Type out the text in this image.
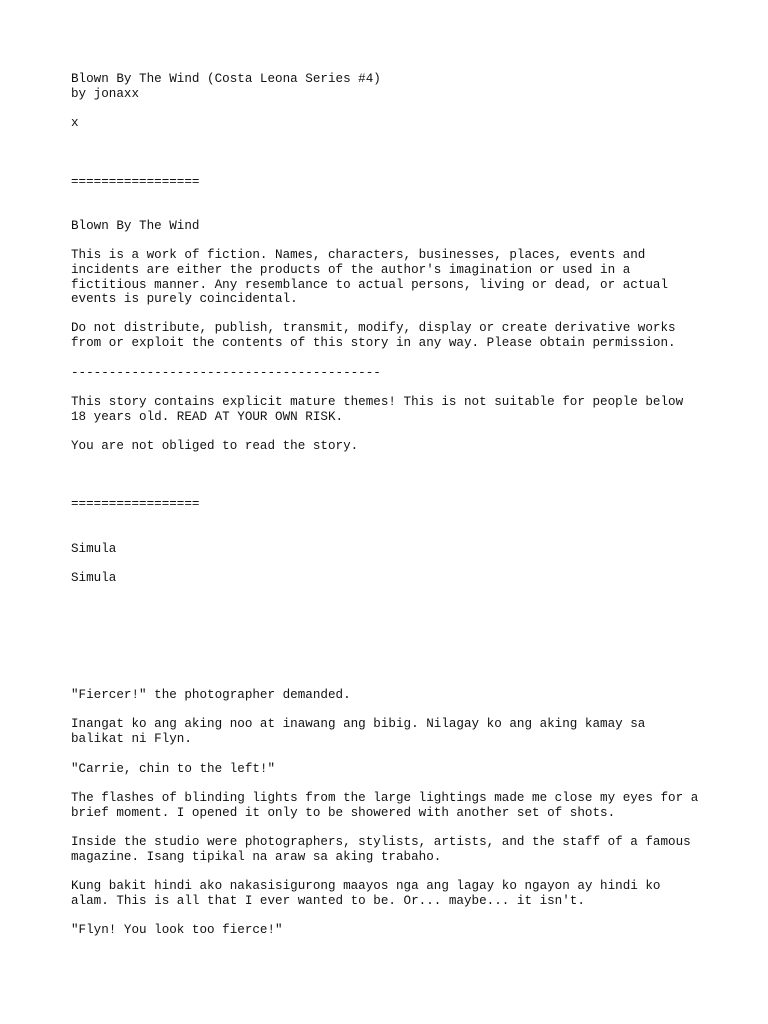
Blown By The Wind (Costa Leona Series #4)

by jonaxx

x

=================

Blown By The Wind

This is a work of fiction. Names, characters, businesses, places, events and

incidents are either the products of the author's imagination or used in a

fictitious manner. Any resemblance to actual persons, living or dead, or actual

events is purely coincidental.

Do not distribute, publish, transmit, modify, display or create derivative works

from or exploit the contents of this story in any way. Please obtain permission.

-----------------------------------------

This story contains explicit mature themes! This is not suitable for people below

18 years old. READ AT YOUR OWN RISK.

You are not obliged to read the story.

=================

Simula

Simula

"Fiercer!" the photographer demanded.

Inangat ko ang aking noo at inawang ang bibig. Nilagay ko ang aking kamay sa

balikat ni Flyn.

"Carrie, chin to the left!"

The flashes of blinding lights from the large lightings made me close my eyes for a

brief moment. I opened it only to be showered with another set of shots.

Inside the studio were photographers, stylists, artists, and the staff of a famous

magazine. Isang tipikal na araw sa aking trabaho.

Kung bakit hindi ako nakasisigurong maayos nga ang lagay ko ngayon ay hindi ko

alam. This is all that I ever wanted to be. Or... maybe... it isn't.

"Flyn! You look too fierce!"
